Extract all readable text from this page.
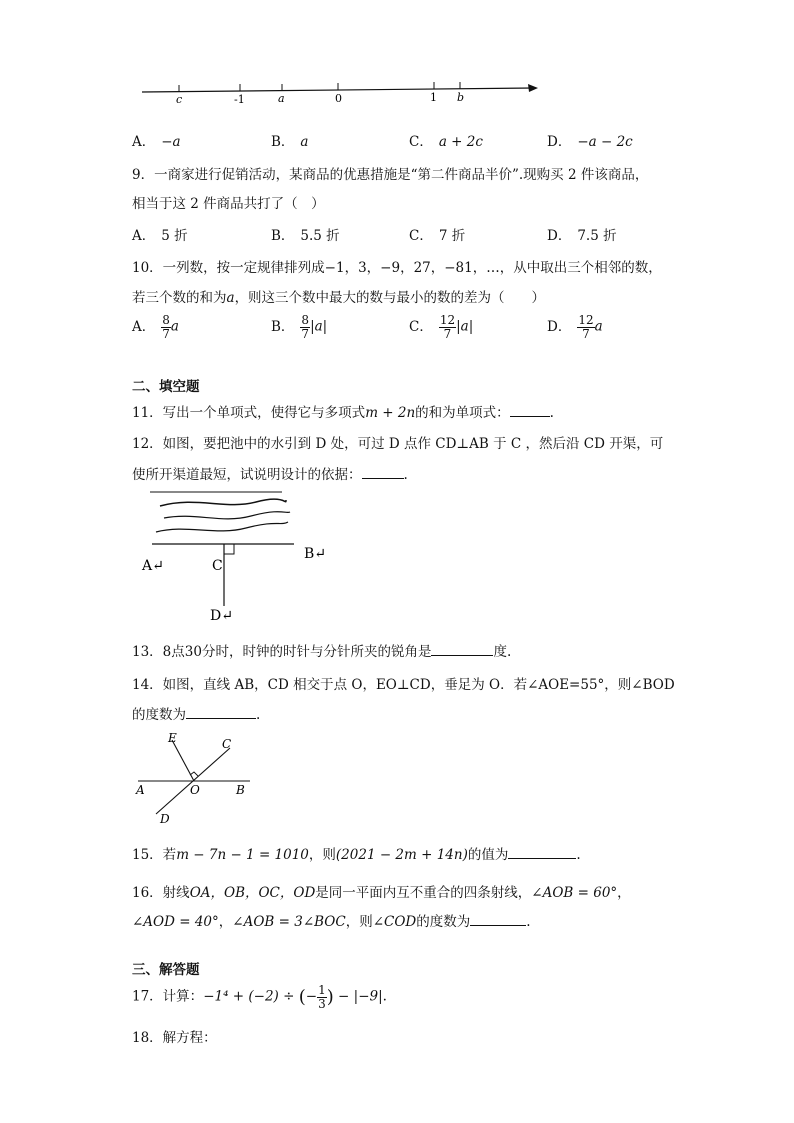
c	-1	a	0	1 b
A． −a	B． a	C． a + 2c	D． −a − 2c
9．一商家进行促销活动，某商品的优惠措施是“第二件商品半价”.现购买 2 件该商品，
相当于这 2 件商品共打了（　）
A． 5 折	B． 5.5 折	C． 7 折	D． 7.5 折
10．一列数，按一定规律排列成−1，3，−9，27，−81，…，从中取出三个相邻的数，
若三个数的和为a，则这三个数中最大的数与最小的数的差为（　　）
A． $\frac{8}{7}$ a	B． $\frac{8}{7} |a|$	C． $\frac{12}{7} |a|$	D． $\frac{12}{7}$ a
二、填空题
11．写出一个单项式，使得它与多项式m + 2n的和为单项式：	.
12．如图，要把池中的水引到 D 处，可过 D 点作 CD⊥AB 于 C ，然后沿 CD 开渠，可
使所开渠道最短，试说明设计的依据：	.
A↵
B↵
C
D↵
13．8点30分时，时钟的时针与分针所夹的锐角是	度.
14．如图，直线 AB，CD 相交于点 O，EO⊥CD，垂足为 O．若∠AOE=55°，则∠BOD
的度数为	.
E	C
A	O	B
D
15．若m − 7n − 1 = 1010，则(2021 − 2m + 14n)的值为	.
16．射线OA，OB，OC，OD是同一平面内互不重合的四条射线，∠AOB = 60°，
∠AOD = 40°，∠AOB = 3∠BOC，则∠COD的度数为	.
三、解答题
17．计算：−1⁴ + (−2) ÷ (− $\frac{1}{3}$ ) − |−9|.
18．解方程：
